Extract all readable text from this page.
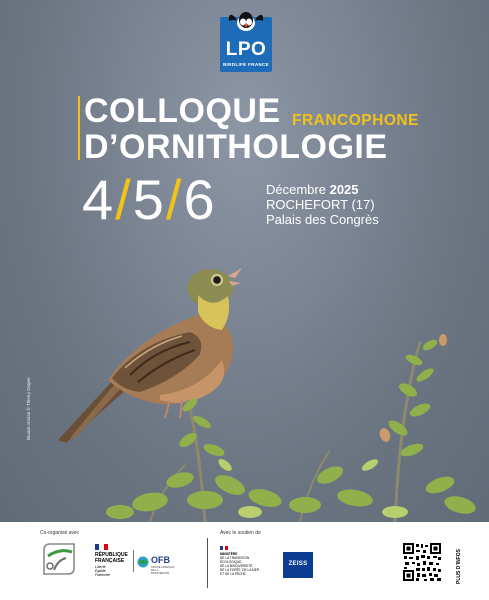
LPO
BIRDLIFE FRANCE
COLLOQUE FRANCOPHONE
D’ORNITHOLOGIE
4/5/6	Décembre 2025
ROCHEFORT (17)
Palais des Congrès
Bruant ortolan © Thierry Degen
Co-organisé avec
RÉPUBLIQUE
FRANÇAISE
Liberté
Égalité
Fraternité
OFB
OFFICE FRANÇAIS DE LA BIODIVERSITÉ
Avec le soutien de
MINISTÈRE
DE LA TRANSITION
ÉCOLOGIQUE,
DE LA BIODIVERSITÉ,
DE LA FORÊT, DE LA MER
ET DE LA PÊCHE
ZEISS	PLUS D’INFOS
